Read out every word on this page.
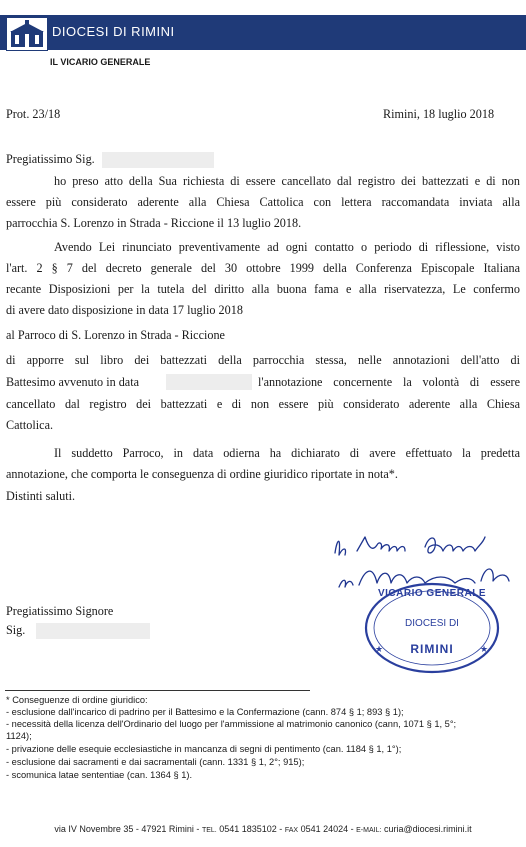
DIOCESI DI RIMINI
IL VICARIO GENERALE
Prot. 23/18	Rimini, 18 luglio 2018
Pregiatissimo Sig.
ho preso atto della Sua richiesta di essere cancellato dal registro dei battezzati e di non
essere più considerato aderente alla Chiesa Cattolica con lettera raccomandata inviata alla
parrocchia S. Lorenzo in Strada - Riccione il 13 luglio 2018.
Avendo Lei rinunciato preventivamente ad ogni contatto o periodo di riflessione, visto
l'art. 2 § 7 del decreto generale del 30 ottobre 1999 della Conferenza Episcopale Italiana
recante Disposizioni per la tutela del diritto alla buona fama e alla riservatezza, Le confermo
di avere dato disposizione in data 17 luglio 2018
al Parroco di S. Lorenzo in Strada - Riccione
di apporre sul libro dei battezzati della parrocchia stessa, nelle annotazioni dell'atto di
Battesimo avvenuto in data	l'annotazione concernente la volontà di essere
cancellato dal registro dei battezzati e di non essere più considerato aderente alla Chiesa
Cattolica.
Il suddetto Parroco, in data odierna ha dichiarato di avere effettuato la predetta
annotazione, che comporta le conseguenza di ordine giuridico riportate in nota*.
Distinti saluti.
★	★
VICARIO GENERALE
DIOCESI DI
RIMINI
Pregiatissimo Signore
Sig.
* Conseguenze di ordine giuridico:
- esclusione dall'incarico di padrino per il Battesimo e la Confermazione (cann. 874 § 1; 893 § 1);
- necessità della licenza dell'Ordinario del luogo per l'ammissione al matrimonio canonico (cann, 1071 § 1, 5°;
1124);
- privazione delle esequie ecclesiastiche in mancanza di segni di pentimento (can. 1184 § 1, 1°);
- esclusione dai sacramenti e dai sacramentali (cann. 1331 § 1, 2°; 915);
- scomunica latae sententiae (can. 1364 § 1).
via IV Novembre 35 - 47921 Rimini - TEL. 0541 1835102 - FAX 0541 24024 - E-MAIL: curia@diocesi.rimini.it
